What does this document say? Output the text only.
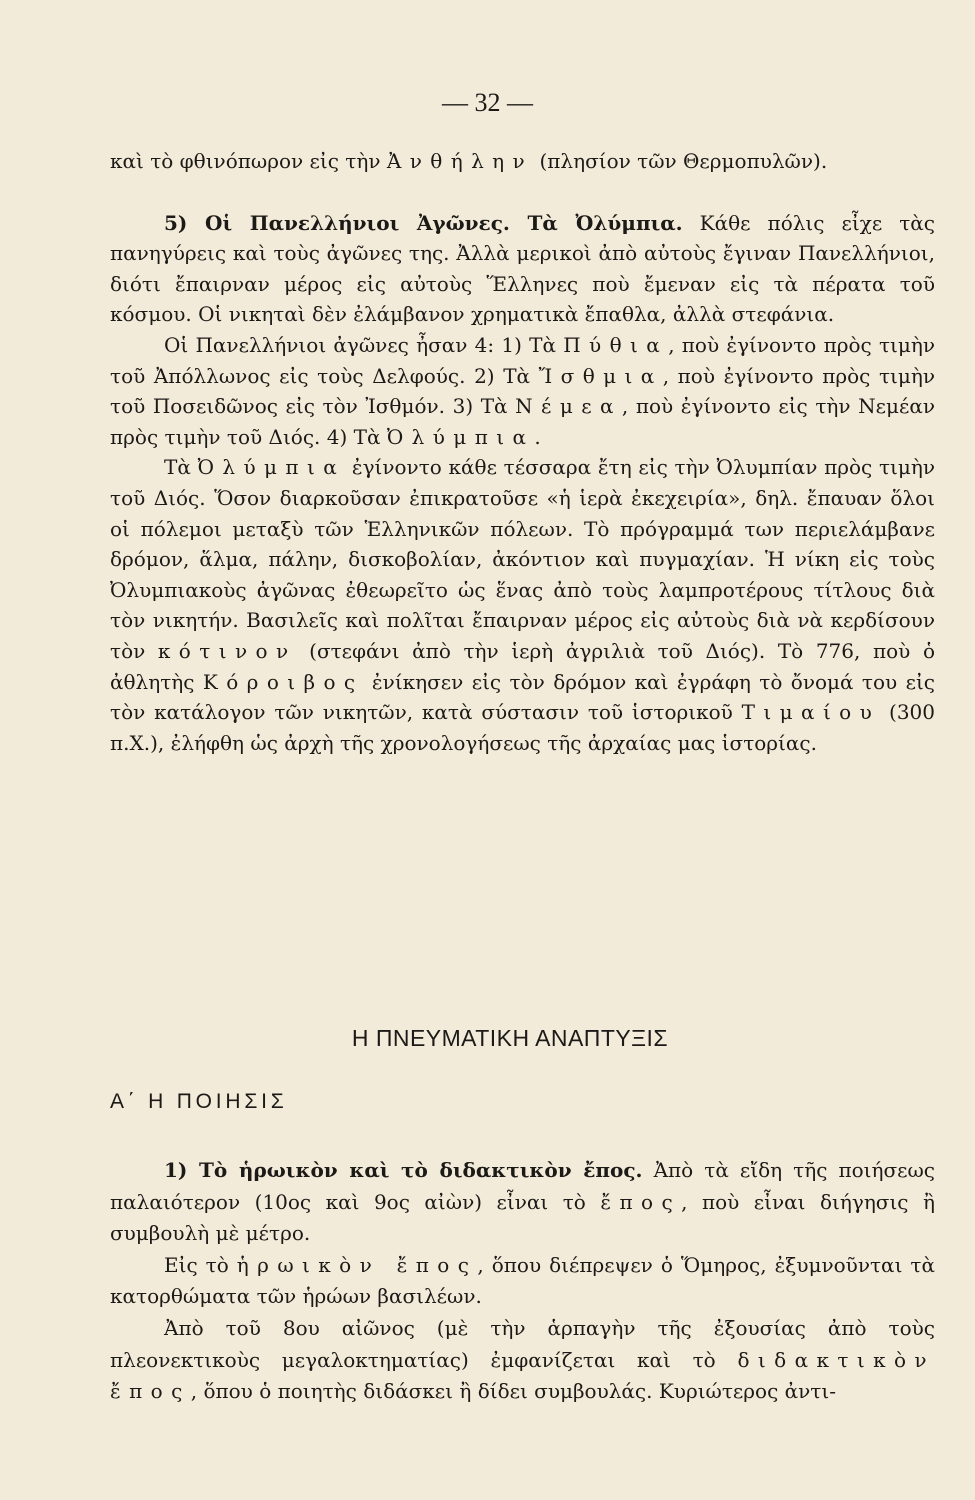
— 32 —

καὶ τὸ φθινόπωρον εἰς τὴν Ἀνθήλην (πλησίον τῶν Θερμοπυλῶν).

5) Οἱ Πανελλήνιοι Ἀγῶνες. Τὰ Ὀλύμπια. Κάθε πόλις εἶχε τὰς πανηγύρεις καὶ τοὺς ἀγῶνες της. Ἀλλὰ μερικοὶ ἀπὸ αὐτοὺς ἔγιναν Πανελλήνιοι, διότι ἔπαιρναν μέρος εἰς αὐτοὺς Ἕλληνες ποὺ ἔμεναν εἰς τὰ πέρατα τοῦ κόσμου. Οἱ νικηταὶ δὲν ἐλάμβανον χρηματικὰ ἔπαθλα, ἀλλὰ στεφάνια.

Οἱ Πανελλήνιοι ἀγῶνες ἦσαν 4: 1) Τὰ Πύθια, ποὺ ἐγίνοντο πρὸς τιμὴν τοῦ Ἀπόλλωνος εἰς τοὺς Δελφούς. 2) Τὰ Ἴσθμια, ποὺ ἐγίνοντο πρὸς τιμὴν τοῦ Ποσειδῶνος εἰς τὸν Ἰσθμόν. 3) Τὰ Νέμεα, ποὺ ἐγίνοντο εἰς τὴν Νεμέαν πρὸς τιμὴν τοῦ Διός. 4) Τὰ Ὀλύμπια.

Τὰ Ὀλύμπια ἐγίνοντο κάθε τέσσαρα ἔτη εἰς τὴν Ὀλυμπίαν πρὸς τιμὴν τοῦ Διός. Ὅσον διαρκοῦσαν ἐπικρατοῦσε «ἡ ἱερὰ ἐκεχειρία», δηλ. ἔπαυαν ὅλοι οἱ πόλεμοι μεταξὺ τῶν Ἑλληνικῶν πόλεων. Τὸ πρόγραμμά των περιελάμβανε δρόμον, ἅλμα, πάλην, δισκοβολίαν, ἀκόντιον καὶ πυγμαχίαν. Ἡ νίκη εἰς τοὺς Ὀλυμπιακοὺς ἀγῶνας ἐθεωρεῖτο ὡς ἕνας ἀπὸ τοὺς λαμπροτέρους τίτλους διὰ τὸν νικητήν. Βασιλεῖς καὶ πολῖται ἔπαιρναν μέρος εἰς αὐτοὺς διὰ νὰ κερδίσουν τὸν κότινον (στεφάνι ἀπὸ τὴν ἱερὴ ἀγριλιὰ τοῦ Διός). Τὸ 776, ποὺ ὁ ἀθλητὴς Κόροιβος ἐνίκησεν εἰς τὸν δρόμον καὶ ἐγράφη τὸ ὄνομά του εἰς τὸν κατάλογον τῶν νικητῶν, κατὰ σύστασιν τοῦ ἱστορικοῦ Τιμαίου (300 π.Χ.), ἐλήφθη ὡς ἀρχὴ τῆς χρονολογήσεως τῆς ἀρχαίας μας ἱστορίας.

Η ΠΝΕΥΜΑΤΙΚΗ ΑΝΑΠΤΥΞΙΣ
Α΄ Η ΠΟΙΗΣΙΣ

1) Τὸ ἡρωικὸν καὶ τὸ διδακτικὸν ἔπος. Ἀπὸ τὰ εἴδη τῆς ποιήσεως παλαιότερον (10ος καὶ 9ος αἰὼν) εἶναι τὸ ἔπος, ποὺ εἶναι διήγησις ἢ συμβουλὴ μὲ μέτρο.

Εἰς τὸ ἡρωικὸν ἔπος, ὅπου διέπρεψεν ὁ Ὅμηρος, ἐξυμνοῦνται τὰ κατορθώματα τῶν ἡρώων βασιλέων.

Ἀπὸ τοῦ 8ου αἰῶνος (μὲ τὴν ἁρπαγὴν τῆς ἐξουσίας ἀπὸ τοὺς πλεονεκτικοὺς μεγαλοκτηματίας) ἐμφανίζεται καὶ τὸ διδακτικὸν ἔπος, ὅπου ὁ ποιητὴς διδάσκει ἢ δίδει συμβουλάς. Κυριώτερος ἀντι-
